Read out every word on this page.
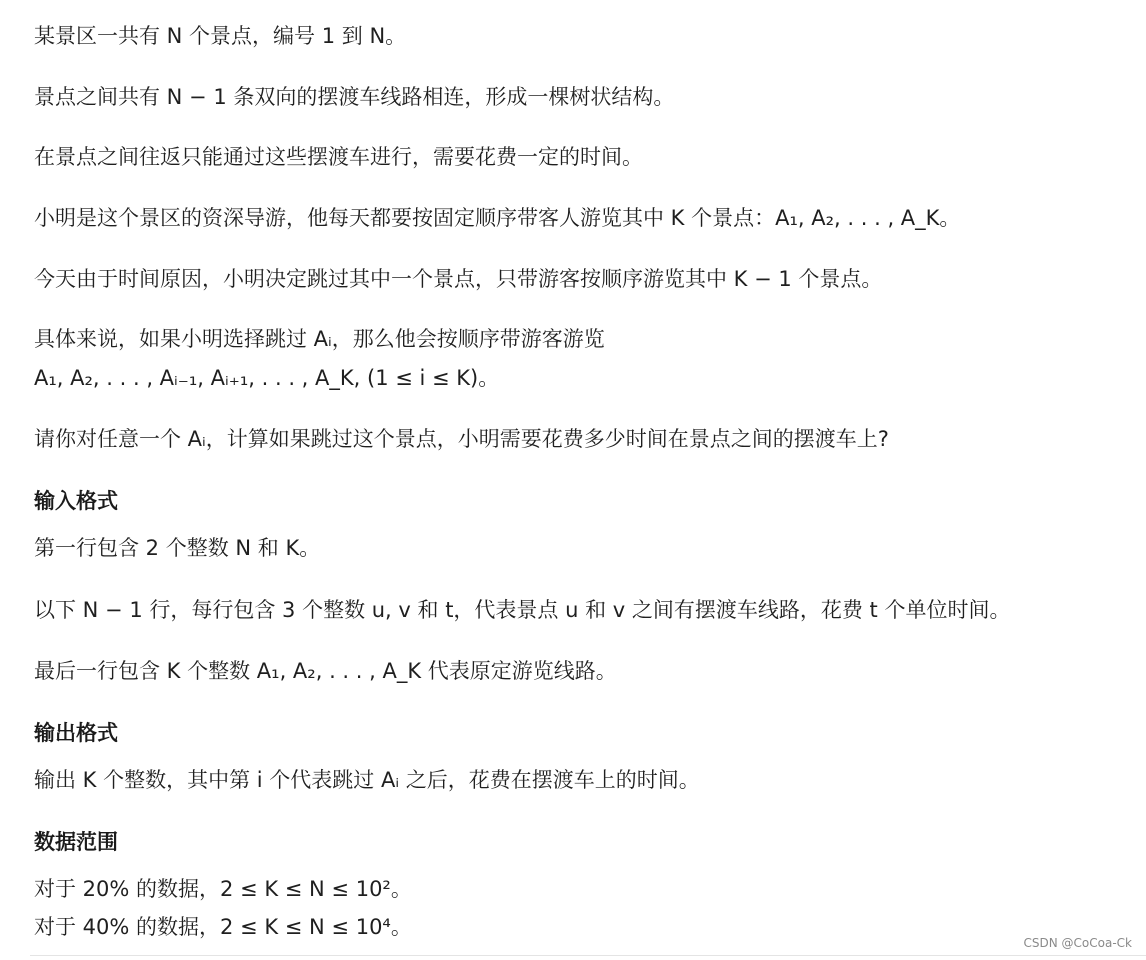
某景区一共有 N 个景点，编号 1 到 N。
景点之间共有 N − 1 条双向的摆渡车线路相连，形成一棵树状结构。
在景点之间往返只能通过这些摆渡车进行，需要花费一定的时间。
小明是这个景区的资深导游，他每天都要按固定顺序带客人游览其中 K 个景点：A₁, A₂, . . . , A_K。
今天由于时间原因，小明决定跳过其中一个景点，只带游客按顺序游览其中 K − 1 个景点。
具体来说，如果小明选择跳过 Aᵢ，那么他会按顺序带游客游览
A₁, A₂, . . . , Aᵢ₋₁, Aᵢ₊₁, . . . , A_K, (1 ≤ i ≤ K)。
请你对任意一个 Aᵢ，计算如果跳过这个景点，小明需要花费多少时间在景点之间的摆渡车上?
输入格式
第一行包含 2 个整数 N 和 K。
以下 N − 1 行，每行包含 3 个整数 u, v 和 t，代表景点 u 和 v 之间有摆渡车线路，花费 t 个单位时间。
最后一行包含 K 个整数 A₁, A₂, . . . , A_K 代表原定游览线路。
输出格式
输出 K 个整数，其中第 i 个代表跳过 Aᵢ 之后，花费在摆渡车上的时间。
数据范围
对于 20% 的数据，2 ≤ K ≤ N ≤ 10²。
对于 40% 的数据，2 ≤ K ≤ N ≤ 10⁴。
CSDN @CoCoa-Ck
